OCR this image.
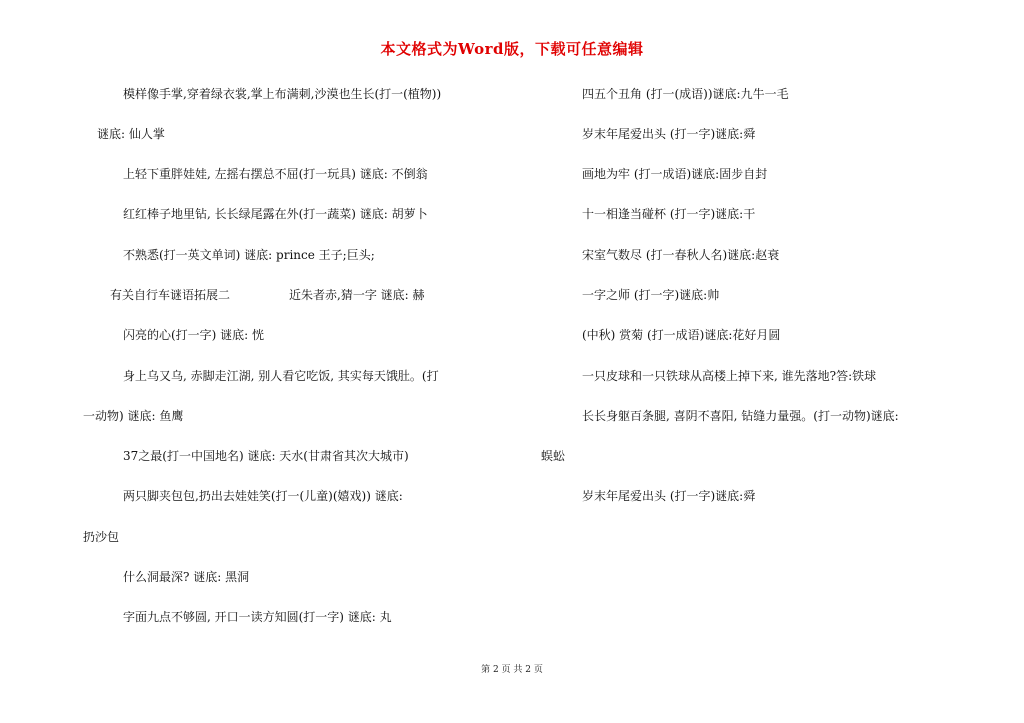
本文格式为Word版，下载可任意编辑
模样像手掌,穿着绿衣裳,掌上布满刺,沙漠也生长(打一(植物))
谜底: 仙人掌
上轻下重胖娃娃, 左摇右摆总不屈(打一玩具) 谜底: 不倒翁
红红棒子地里钻, 长长绿尾露在外(打一蔬菜) 谜底: 胡萝卜
不熟悉(打一英文单词) 谜底: prince 王子;巨头;
有关自行车谜语拓展二	近朱者赤,猜一字 谜底: 赫
闪亮的心(打一字) 谜底: 恍
身上乌又乌, 赤脚走江湖, 别人看它吃饭, 其实每天饿肚。(打
一动物) 谜底: 鱼鹰
37之最(打一中国地名) 谜底: 天水(甘肃省其次大城市)
两只脚夹包包,扔出去娃娃笑(打一(儿童)(嬉戏)) 谜底:
扔沙包
什么洞最深? 谜底: 黑洞
字面九点不够圆, 开口一读方知圆(打一字) 谜底: 丸
四五个丑角 (打一(成语))谜底:九牛一毛
岁末年尾爱出头 (打一字)谜底:舜
画地为牢 (打一成语)谜底:固步自封
十一相逢当碰杯 (打一字)谜底:干
宋室气数尽 (打一春秋人名)谜底:赵衰
一字之师 (打一字)谜底:帅
(中秋) 赏菊 (打一成语)谜底:花好月圆
一只皮球和一只铁球从高楼上掉下来, 谁先落地?答:铁球
长长身躯百条腿, 喜阴不喜阳, 钻缝力量强。(打一动物)谜底:
蜈蚣
岁末年尾爱出头 (打一字)谜底:舜
第 2 页 共 2 页
